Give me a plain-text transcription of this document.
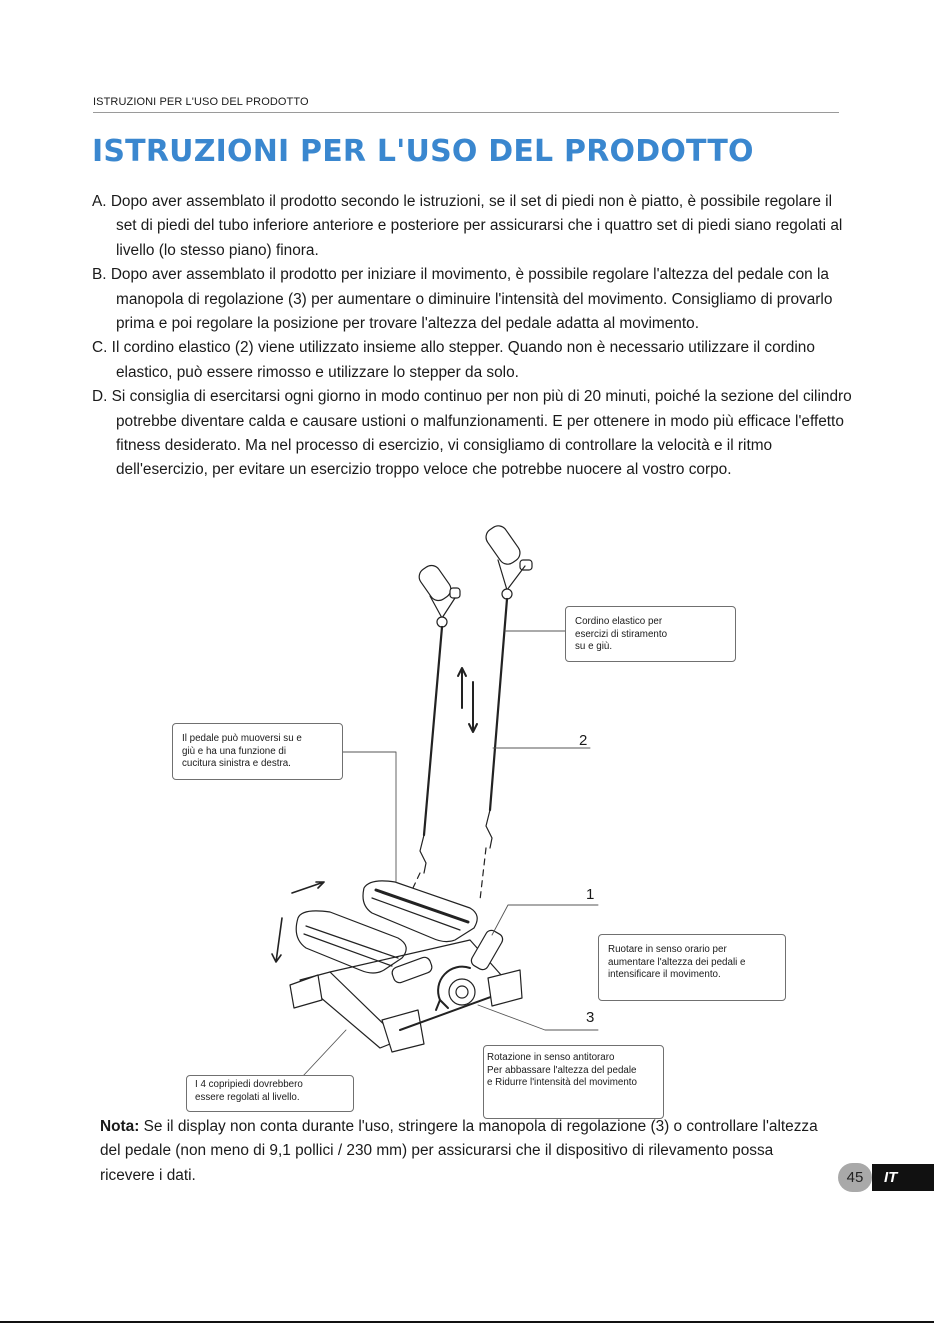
ISTRUZIONI PER L'USO DEL PRODOTTO
ISTRUZIONI PER L'USO DEL PRODOTTO
A. Dopo aver assemblato il prodotto secondo le istruzioni, se il set di piedi non è piatto, è possibile regolare il set di piedi del tubo inferiore anteriore e posteriore per assicurarsi che i quattro set di piedi siano regolati al livello (lo stesso piano) finora.
B. Dopo aver assemblato il prodotto per iniziare il movimento, è possibile regolare l'altezza del pedale con la manopola di regolazione (3) per aumentare o diminuire l'intensità del movimento. Consigliamo di provarlo prima e poi regolare la posizione per trovare l'altezza del pedale adatta al movimento.
C. Il cordino elastico (2) viene utilizzato insieme allo stepper. Quando non è necessario utilizzare il cordino elastico, può essere rimosso e utilizzare lo stepper da solo.
D. Si consiglia di esercitarsi ogni giorno in modo continuo per non più di 20 minuti, poiché la sezione del cilindro potrebbe diventare calda e causare ustioni o malfunzionamenti. E per ottenere in modo più efficace l'effetto fitness desiderato. Ma nel processo di esercizio, vi consigliamo di controllare la velocità e il ritmo dell'esercizio, per evitare un esercizio troppo veloce che potrebbe nuocere al vostro corpo.
Cordino elastico per
esercizi di stiramento
su e giù.
Il pedale può muoversi su e
giù e ha una funzione di
cucitura sinistra e destra.
Ruotare in senso orario per
aumentare l'altezza dei pedali e
intensificare il movimento.
Rotazione in senso antitoraro
Per abbassare l'altezza del pedale
e Ridurre l'intensità del movimento
I 4 copripiedi dovrebbero
essere regolati al livello.
2
1
3

Nota: Se il display non conta durante l'uso, stringere la manopola di regolazione (3) o controllare l'altezza del pedale (non meno di 9,1 pollici / 230 mm) per assicurarsi che il dispositivo di rilevamento possa ricevere i dati.	45	IT
